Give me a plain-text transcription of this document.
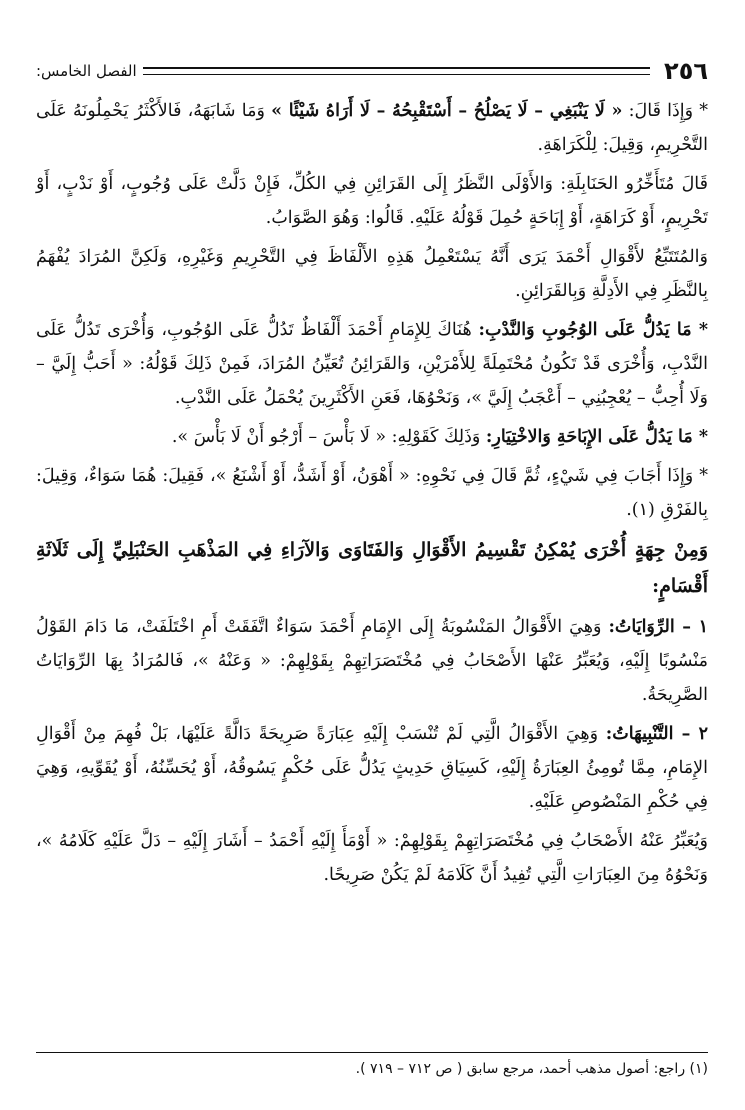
٢٥٦
الفصل الخامس:

* وَإِذَا قَالَ: « لَا يَنْبَغِي – لَا يَصْلُحُ – أَسْتَقْبِحُهُ – لَا أَرَاهُ شَيْئًا » وَمَا شَابَهَهُ، فَالأَكْثَرُ يَحْمِلُونَهُ عَلَى التَّحْرِيمِ، وَقِيلَ: لِلْكَرَاهَةِ.

قَالَ مُتَأَخِّرُو الحَنَابِلَةِ: وَالأَوْلَى النَّظَرُ إِلَى القَرَائِنِ فِي الكُلِّ، فَإِنْ دَلَّتْ عَلَى وُجُوبٍ، أَوْ نَدْبٍ، أَوْ تَحْرِيمٍ، أَوْ كَرَاهَةٍ، أَوْ إِبَاحَةٍ حُمِلَ قَوْلُهُ عَلَيْهِ. قَالُوا: وَهُوَ الصَّوَابُ.

وَالمُتَتَبِّعُ لأَقْوَالِ أَحْمَدَ يَرَى أَنَّهُ يَسْتَعْمِلُ هَذِهِ الأَلْفَاظَ فِي التَّحْرِيمِ وَغَيْرِهِ، وَلَكِنَّ المُرَادَ يُفْهَمُ بِالنَّظَرِ فِي الأَدِلَّةِ وَبِالقَرَائِنِ.

* مَا يَدُلُّ عَلَى الوُجُوبِ وَالنَّدْبِ: هُنَاكَ لِلإِمَامِ أَحْمَدَ أَلْفَاظٌ تَدُلُّ عَلَى الوُجُوبِ، وَأُخْرَى تَدُلُّ عَلَى النَّدْبِ، وَأُخْرَى قَدْ تَكُونُ مُحْتَمِلَةً لِلأَمْرَيْنِ، وَالقَرَائِنُ تُعَيِّنُ المُرَادَ، فَمِنْ ذَلِكَ قَوْلُهُ: « أَحَبُّ إِلَيَّ – وَلَا أُحِبُّ – يُعْجِبُنِي – أَعْجَبُ إِلَيَّ »، وَنَحْوُهَا، فَعَنِ الأَكْثَرِينَ يُحْمَلُ عَلَى النَّدْبِ.

* مَا يَدُلُّ عَلَى الإِبَاحَةِ وَالاخْتِيَارِ: وَذَلِكَ كَقَوْلِهِ: « لَا بَأْسَ – أَرْجُو أَنْ لَا بَأْسَ ».

* وَإِذَا أَجَابَ فِي شَيْءٍ، ثُمَّ قَالَ فِي نَحْوِهِ: « أَهْوَنُ، أَوْ أَشَدُّ، أَوْ أَشْنَعُ »، فَقِيلَ: هُمَا سَوَاءٌ، وَقِيلَ: بِالفَرْقِ (١).

وَمِنْ جِهَةٍ أُخْرَى يُمْكِنُ تَقْسِيمُ الأَقْوَالِ وَالفَتَاوَى وَالآرَاءِ فِي المَذْهَبِ الحَنْبَلِيِّ إِلَى ثَلَاثَةِ أَقْسَامٍ:

١ – الرِّوَايَاتُ: وَهِيَ الأَقْوَالُ المَنْسُوبَةُ إِلَى الإِمَامِ أَحْمَدَ سَوَاءٌ اتَّفَقَتْ أَمِ اخْتَلَفَتْ، مَا دَامَ القَوْلُ مَنْسُوبًا إِلَيْهِ، وَيُعَبِّرُ عَنْهَا الأَصْحَابُ فِي مُخْتَصَرَاتِهِمْ بِقَوْلِهِمْ: « وَعَنْهُ »، فَالمُرَادُ بِهَا الرِّوَايَاتُ الصَّرِيحَةُ.

٢ – التَّنْبِيهَاتُ: وَهِيَ الأَقْوَالُ الَّتِي لَمْ تُنْسَبْ إِلَيْهِ عِبَارَةً صَرِيحَةً دَالَّةً عَلَيْهَا، بَلْ فُهِمَ مِنْ أَقْوَالِ الإِمَامِ، مِمَّا تُومِئُ العِبَارَةُ إِلَيْهِ، كَسِيَاقِ حَدِيثٍ يَدُلُّ عَلَى حُكْمٍ يَسُوقُهُ، أَوْ يُحَسِّنُهُ، أَوْ يُقَوِّيهِ، وَهِيَ فِي حُكْمِ المَنْصُوصِ عَلَيْهِ.

وَيُعَبِّرُ عَنْهُ الأَصْحَابُ فِي مُخْتَصَرَاتِهِمْ بِقَوْلِهِمْ: « أَوْمَأَ إِلَيْهِ أَحْمَدُ – أَشَارَ إِلَيْهِ – دَلَّ عَلَيْهِ كَلَامُهُ »، وَنَحْوُهُ مِنَ العِبَارَاتِ الَّتِي تُفِيدُ أَنَّ كَلَامَهُ لَمْ يَكُنْ صَرِيحًا.

(١) راجع: أصول مذهب أحمد، مرجع سابق ( ص ٧١٢ – ٧١٩ ).
